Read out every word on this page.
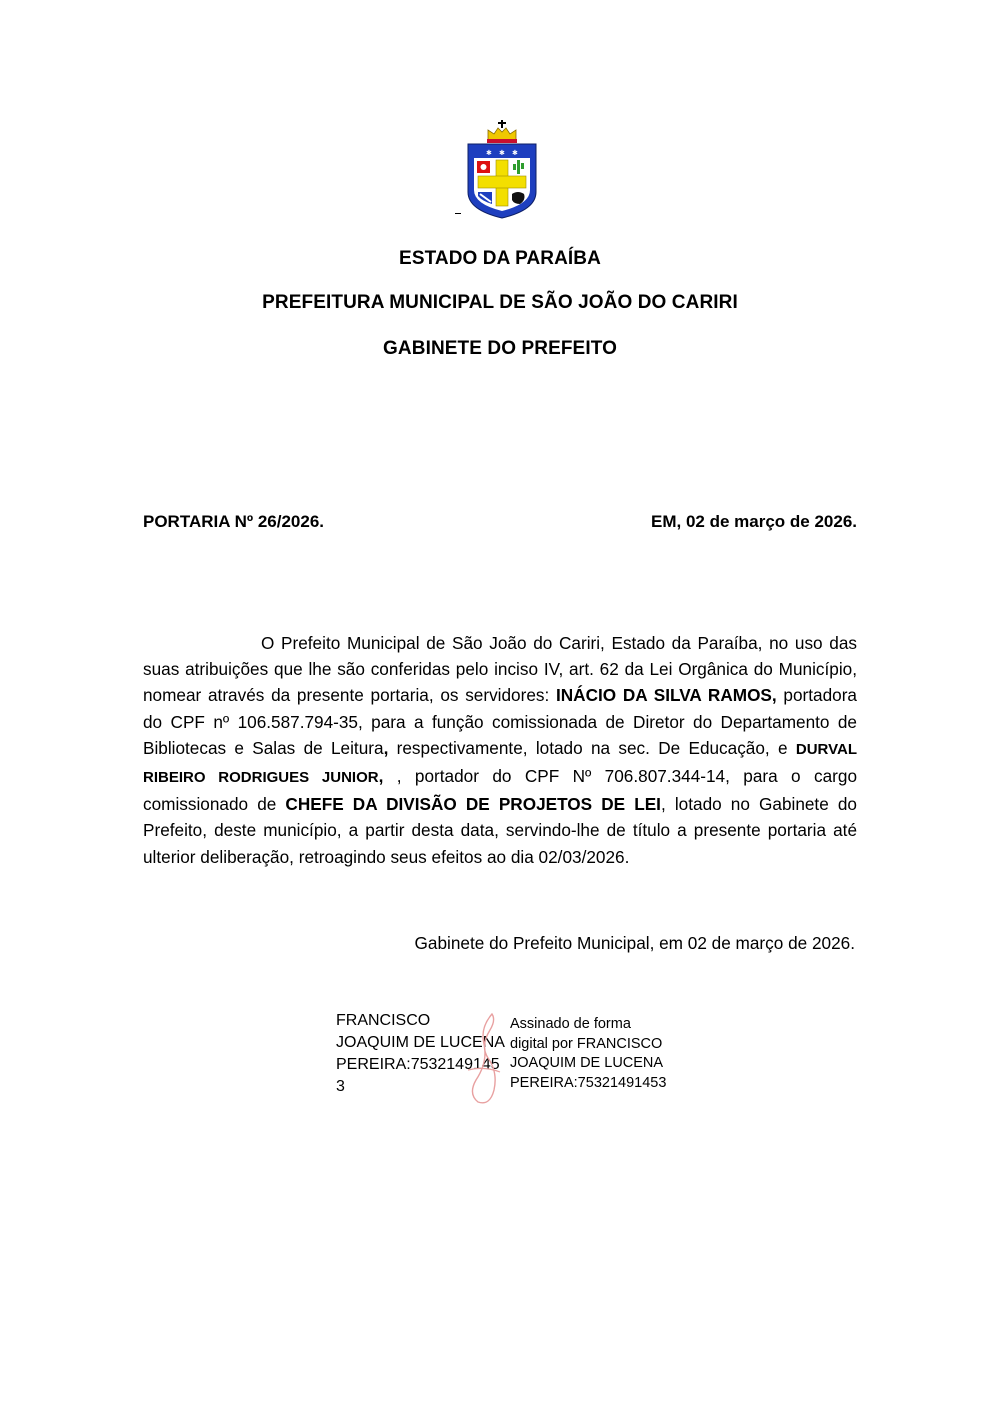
✱ ✱ ✱
ESTADO DA PARAÍBA
PREFEITURA MUNICIPAL DE SÃO JOÃO DO CARIRI
GABINETE DO PREFEITO
PORTARIA Nº 26/2026.	EM, 02 de março de 2026.

O Prefeito Municipal de São João do Cariri, Estado da Paraíba, no uso das suas atribuições que lhe são conferidas pelo inciso IV, art. 62 da Lei Orgânica do Município, nomear através da presente portaria, os servidores: INÁCIO DA SILVA RAMOS, portadora do CPF nº 106.587.794-35, para a função comissionada de Diretor do Departamento de Bibliotecas e Salas de Leitura, respectivamente, lotado na sec. De Educação, e DURVAL RIBEIRO RODRIGUES JUNIOR, , portador do CPF Nº 706.807.344-14, para o cargo comissionado de CHEFE DA DIVISÃO DE PROJETOS DE LEI, lotado no Gabinete do Prefeito, deste município, a partir desta data, servindo-lhe de título a presente portaria até ulterior deliberação, retroagindo seus efeitos ao dia 02/03/2026.

Gabinete do Prefeito Municipal, em 02 de março de 2026.
FRANCISCO
JOAQUIM DE LUCENA
PEREIRA:7532149145
3
Assinado de forma
digital por FRANCISCO
JOAQUIM DE LUCENA
PEREIRA:75321491453
